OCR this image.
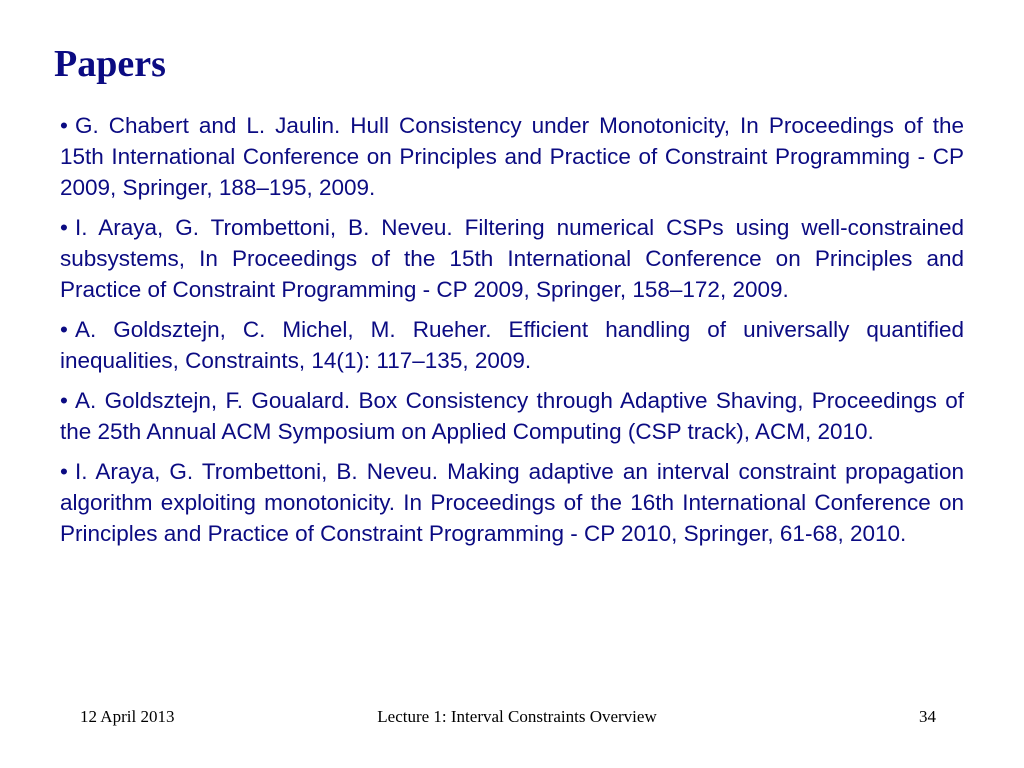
Papers
• G. Chabert and L. Jaulin. Hull Consistency under Monotonicity, In Proceedings of the 15th International Conference on Principles and Practice of Constraint Programming - CP 2009, Springer, 188–195, 2009.
• I. Araya, G. Trombettoni, B. Neveu. Filtering numerical CSPs using well-constrained subsystems, In Proceedings of the 15th International Conference on Principles and Practice of Constraint Programming - CP 2009, Springer, 158–172, 2009.
• A. Goldsztejn, C. Michel, M. Rueher. Efficient handling of universally quantified inequalities, Constraints, 14(1): 117–135, 2009.
• A. Goldsztejn, F. Goualard. Box Consistency through Adaptive Shaving, Proceedings of the 25th Annual ACM Symposium on Applied Computing (CSP track), ACM, 2010.
• I. Araya, G. Trombettoni, B. Neveu. Making adaptive an interval constraint propagation algorithm exploiting monotonicity. In Proceedings of the 16th International Conference on Principles and Practice of Constraint Programming - CP 2010, Springer, 61-68, 2010.
12 April 2013	Lecture 1: Interval Constraints Overview	34
